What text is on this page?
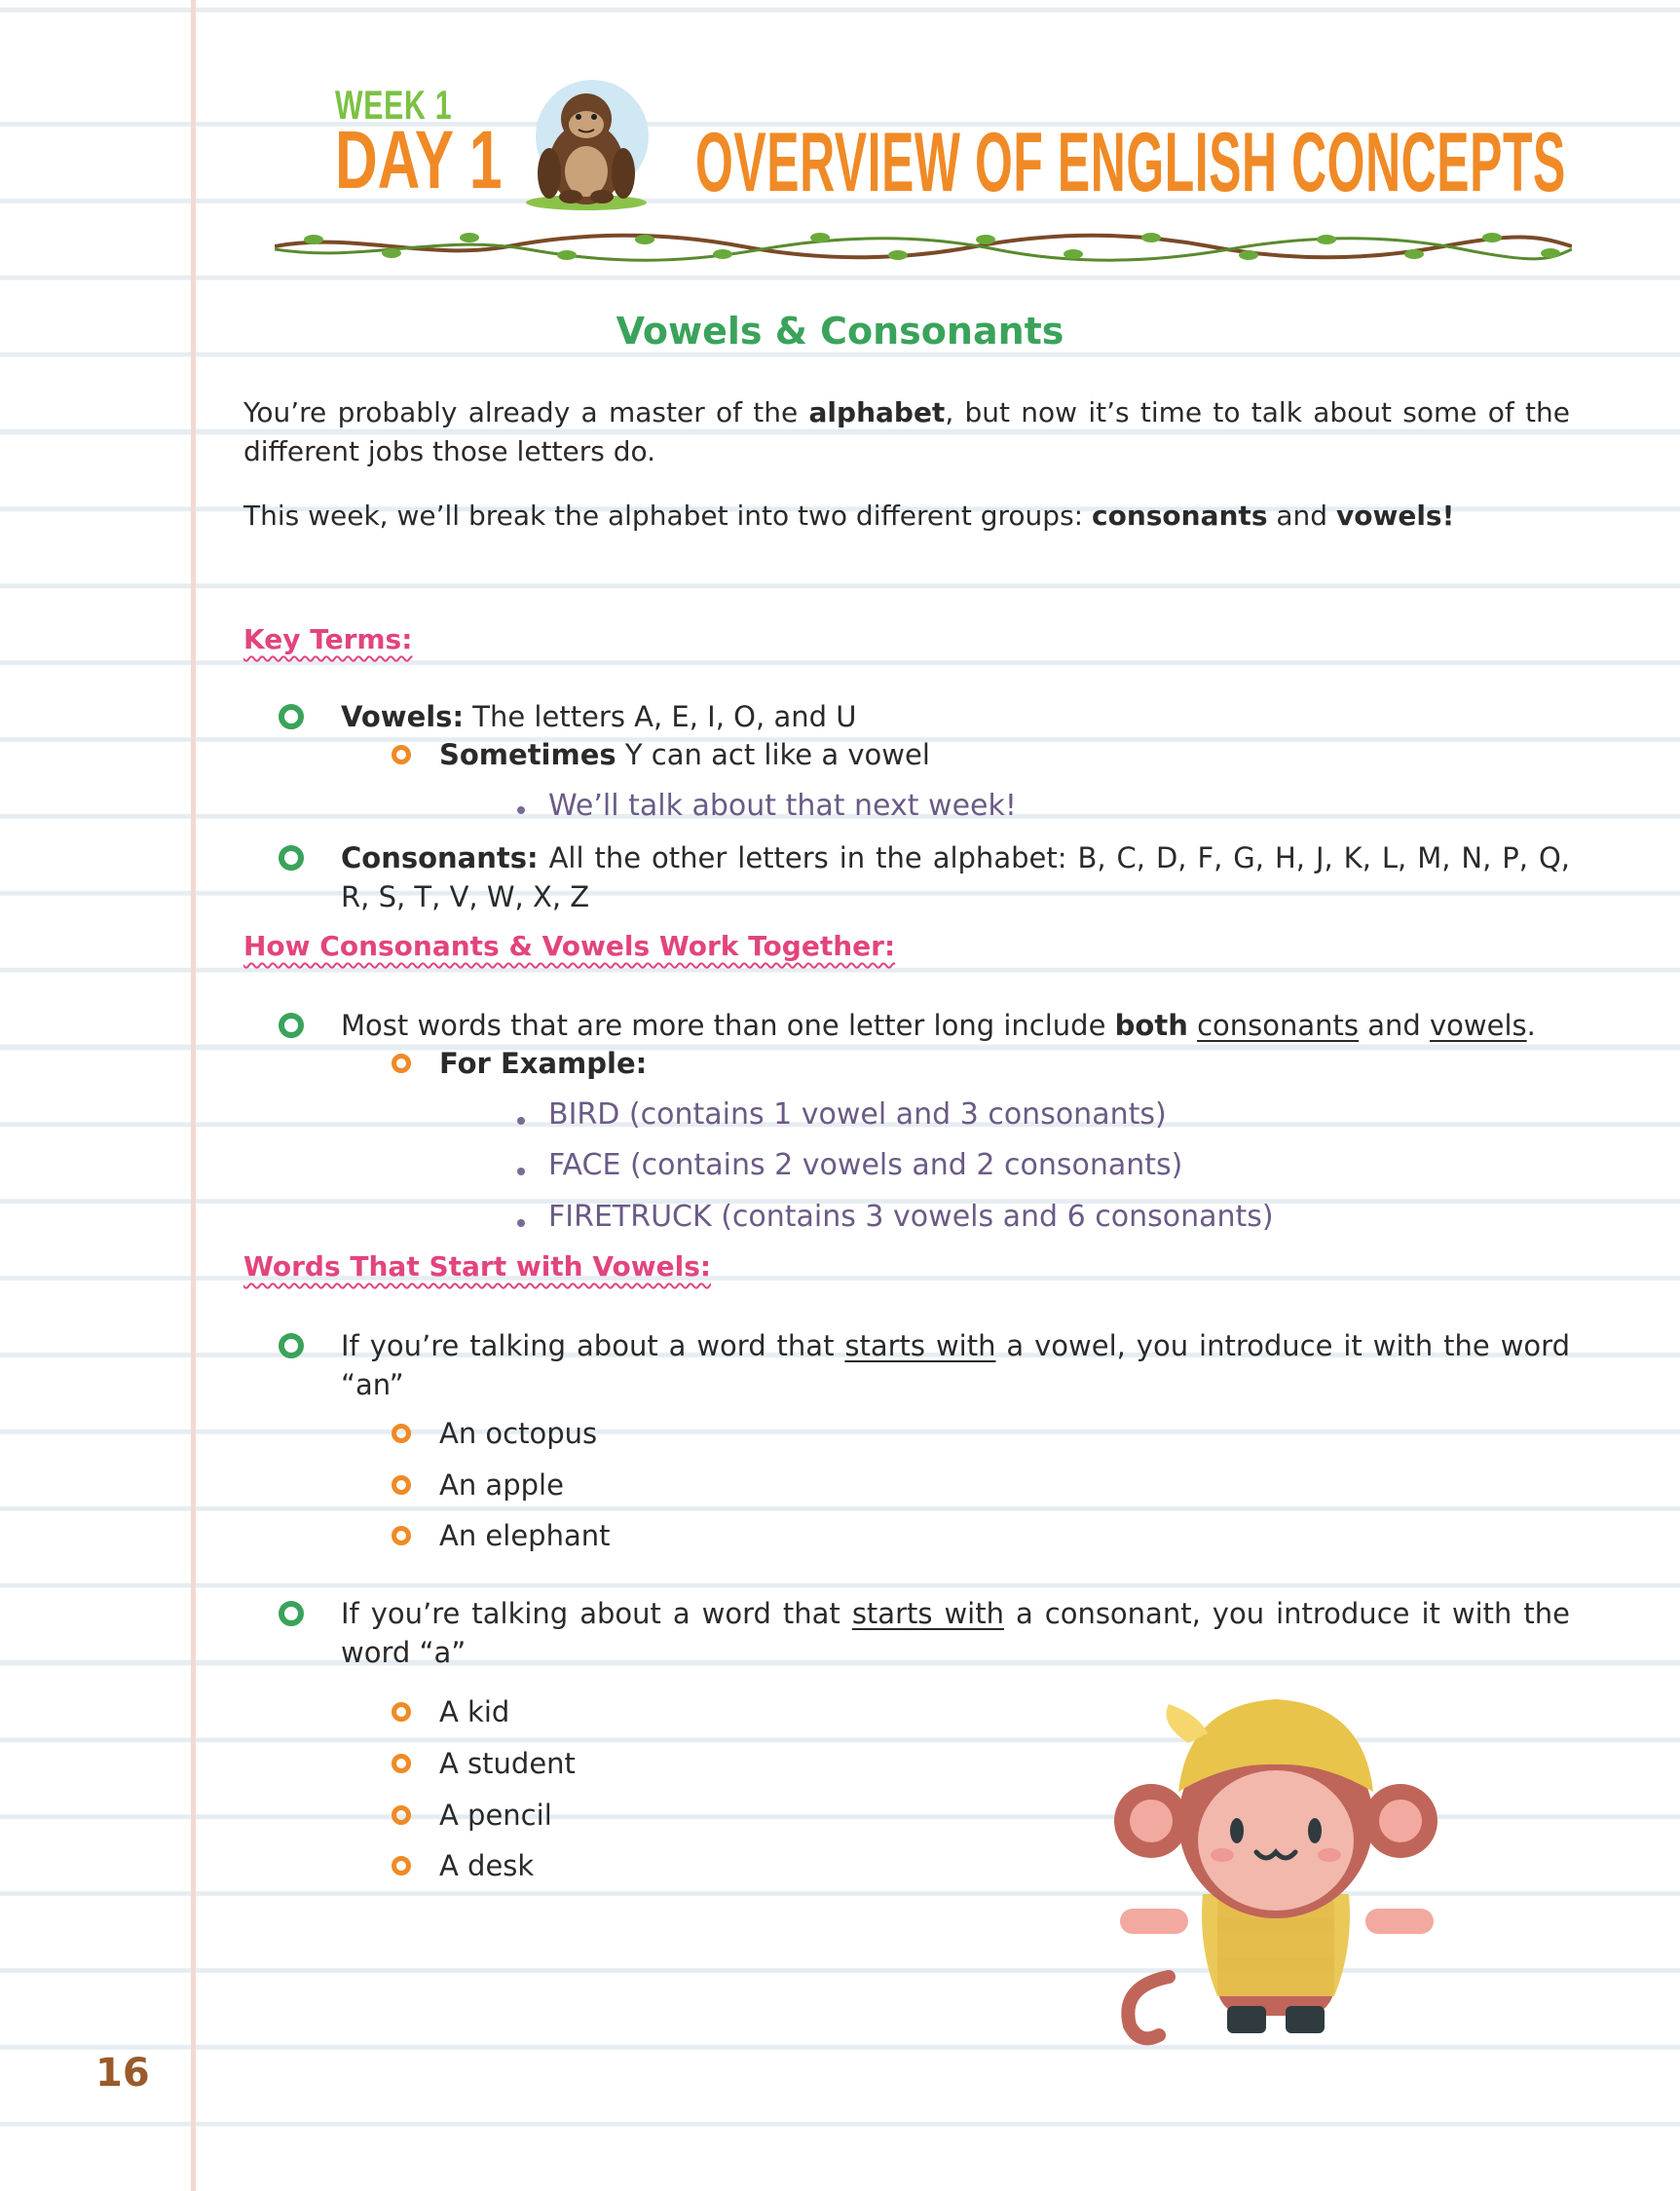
WEEK 1
DAY 1 OVERVIEW OF ENGLISH CONCEPTS
Vowels & Consonants
You’re probably already a master of the alphabet, but now it’s time to talk about some of the different jobs those letters do.
This week, we’ll break the alphabet into two different groups: consonants and vowels!
Key Terms:
Vowels: The letters A, E, I, O, and U
Sometimes Y can act like a vowel
We’ll talk about that next week!
Consonants: All the other letters in the alphabet: B, C, D, F, G, H, J, K, L, M, N, P, Q, R, S, T, V, W, X, Z
How Consonants & Vowels Work Together:
Most words that are more than one letter long include both consonants and vowels.
For Example:
BIRD (contains 1 vowel and 3 consonants)
FACE (contains 2 vowels and 2 consonants)
FIRETRUCK (contains 3 vowels and 6 consonants)
Words That Start with Vowels:
If you’re talking about a word that starts with a vowel, you introduce it with the word “an”
An octopus
An apple
An elephant
If you’re talking about a word that starts with a consonant, you introduce it with the word “a”
A kid
A student
A pencil
A desk
16
